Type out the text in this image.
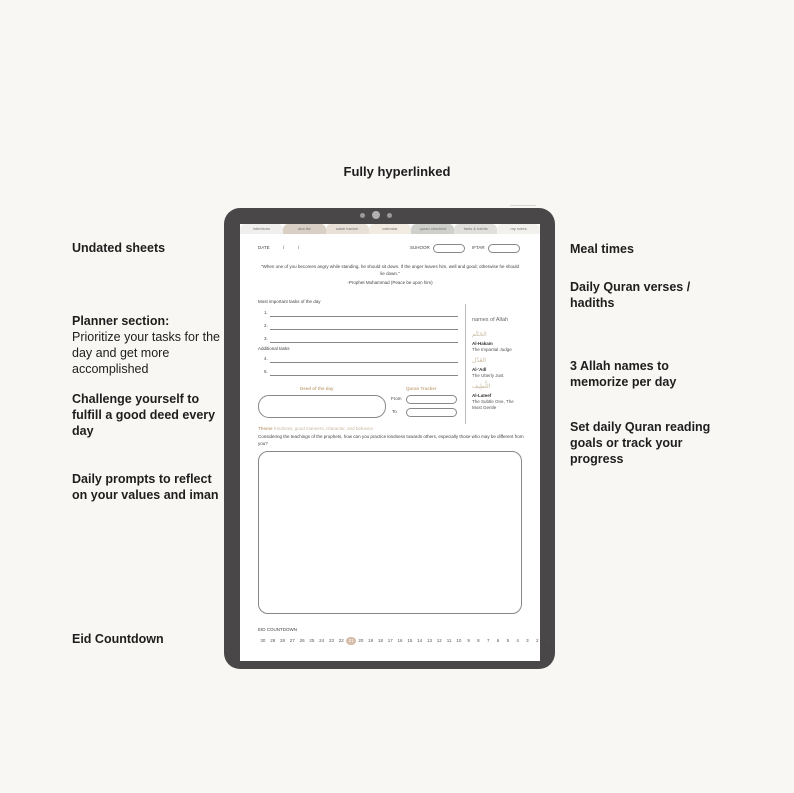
Fully hyperlinked
Undated sheets
Planner section:
Prioritize your tasks for the day and get more accomplished
Challenge yourself to fulfill a good deed every day
Daily prompts to reflect on your values and iman
Eid Countdown
Meal times
Daily Quran verses / hadiths
3 Allah names to memorize per day
Set daily Quran reading goals or track your progress
intentions	dua list	salah tracker	calendar	quran checklist	fasts & habits	my notes
DATE	/	/	SUHOOR	IFTAR
"When one of you becomes angry while standing, he should sit down. If the anger leaves him, well and good; otherwise he should lie down."
-Prophet Muhammad (Peace be upon him)
Most important tasks of the day
1.
2.
3.
Additional tasks
4.
5.
names of Allah
الحَكَم
Al-Hakam
The Impartial Judge
العَدْل
Al-'Adl
The Utterly Just
اللَّطِيف
Al-Lateef
The Subtle One, The Most Gentle
Deed of the day	Quran Tracker
From
To
Theme Kindness, good manners, character, and behavior
Considering the teachings of the prophets, how can you practice kindness towards others, especially those who may be different from you?
EID COUNTDOWN
30	29	28	27	26	25	24	23	22	21	20	19	18	17	16	15	14	13	12	11	10	9	8	7	6	5	4	3	2	1
